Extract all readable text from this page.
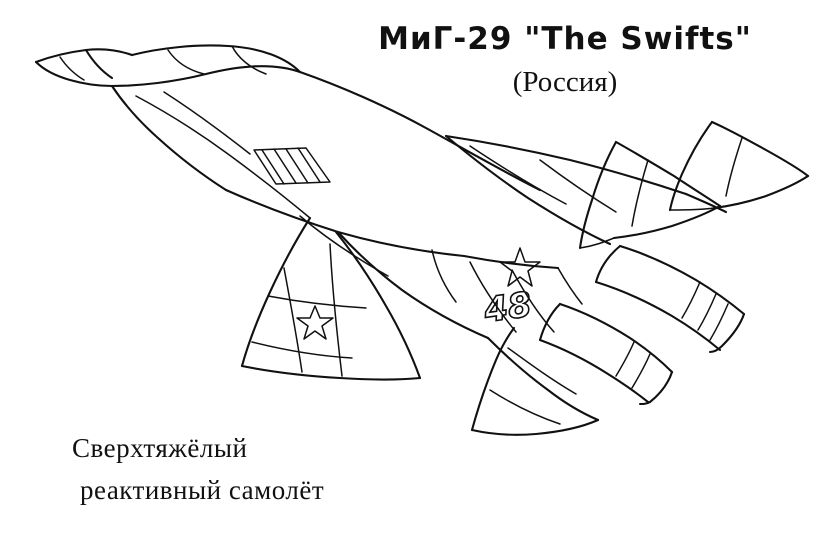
48
МиГ-29 "The Swifts"
(Россия)
Сверхтяжёлый
реактивный самолёт
